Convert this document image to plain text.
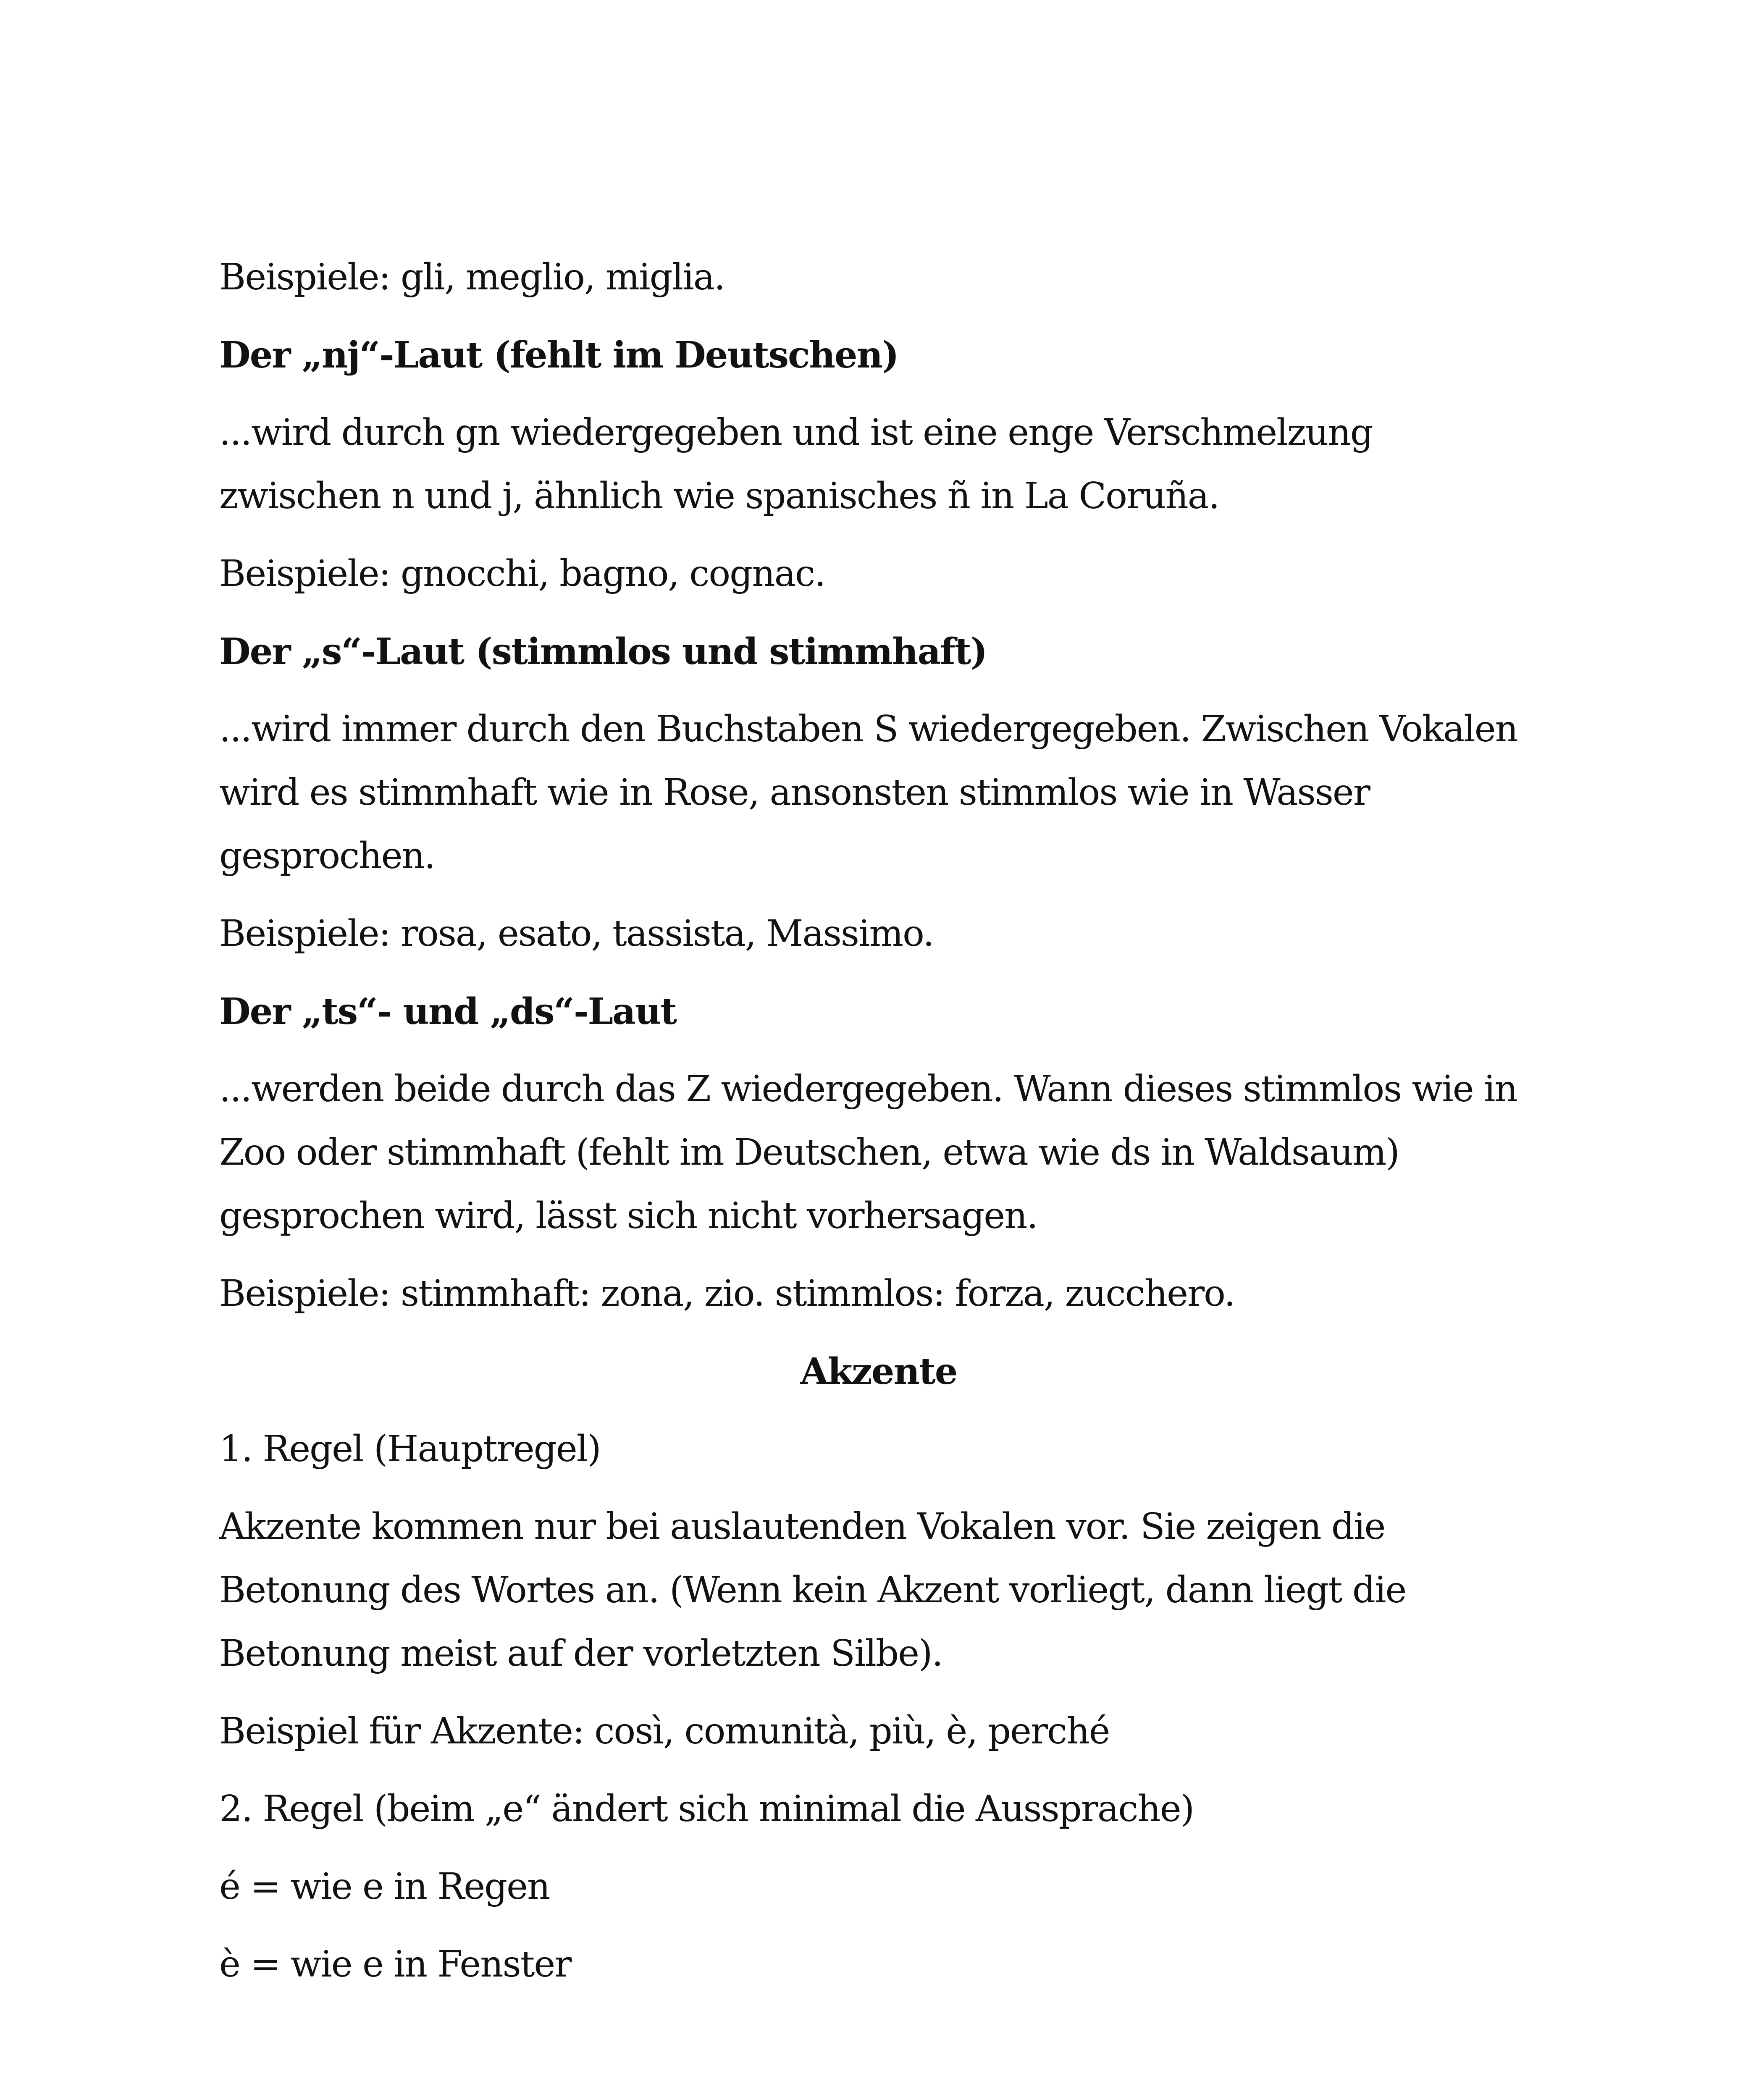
Beispiele: gli, meglio, miglia.

Der „nj“-Laut (fehlt im Deutschen)

...wird durch gn wiedergegeben und ist eine enge Verschmelzung zwischen n und j, ähnlich wie spanisches ñ in La Coruña.

Beispiele: gnocchi, bagno, cognac.

Der „s“-Laut (stimmlos und stimmhaft)

...wird immer durch den Buchstaben S wiedergegeben. Zwischen Vokalen wird es stimmhaft wie in Rose, ansonsten stimmlos wie in Wasser gesprochen.

Beispiele: rosa, esato, tassista, Massimo.

Der „ts“- und „ds“-Laut

...werden beide durch das Z wiedergegeben. Wann dieses stimmlos wie in Zoo oder stimmhaft (fehlt im Deutschen, etwa wie ds in Waldsaum) gesprochen wird, lässt sich nicht vorhersagen.

Beispiele: stimmhaft: zona, zio. stimmlos: forza, zucchero.

Akzente

1. Regel (Hauptregel)

Akzente kommen nur bei auslautenden Vokalen vor. Sie zeigen die Betonung des Wortes an. (Wenn kein Akzent vorliegt, dann liegt die Betonung meist auf der vorletzten Silbe).

Beispiel für Akzente: così, comunità, più, è, perché

2. Regel (beim „e“ ändert sich minimal die Aussprache)

é = wie e in Regen

è = wie e in Fenster
